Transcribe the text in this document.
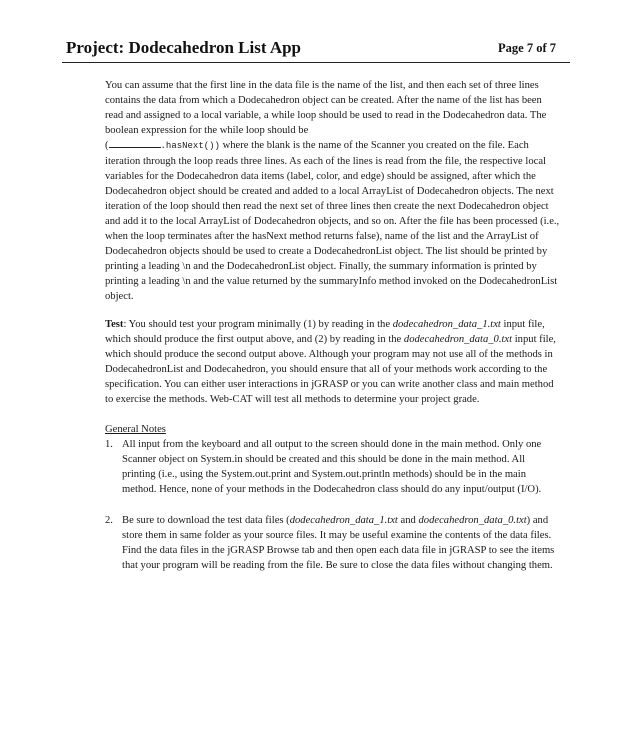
Project: Dodecahedron List App	Page 7 of 7

You can assume that the first line in the data file is the name of the list, and then each set of three lines contains the data from which a Dodecahedron object can be created. After the name of the list has been read and assigned to a local variable, a while loop should be used to read in the Dodecahedron data. The boolean expression for the while loop should be
(	.hasNext()) where the blank is the name of the Scanner you created on the file. Each iteration through the loop reads three lines. As each of the lines is read from the file, the respective local variables for the Dodecahedron data items (label, color, and edge) should be assigned, after which the Dodecahedron object should be created and added to a local ArrayList of Dodecahedron objects. The next iteration of the loop should then read the next set of three lines then create the next Dodecahedron object and add it to the local ArrayList of Dodecahedron objects, and so on. After the file has been processed (i.e., when the loop terminates after the hasNext method returns false), name of the list and the ArrayList of Dodecahedron objects should be used to create a DodecahedronList object. The list should be printed by printing a leading \n and the DodecahedronList object. Finally, the summary information is printed by printing a leading \n and the value returned by the summaryInfo method invoked on the DodecahedronList object.

Test: You should test your program minimally (1) by reading in the dodecahedron_data_1.txt input file, which should produce the first output above, and (2) by reading in the dodecahedron_data_0.txt input file, which should produce the second output above. Although your program may not use all of the methods in DodecahedronList and Dodecahedron, you should ensure that all of your methods work according to the specification. You can either user interactions in jGRASP or you can write another class and main method to exercise the methods. Web-CAT will test all methods to determine your project grade.

General Notes
1. All input from the keyboard and all output to the screen should done in the main method. Only one Scanner object on System.in should be created and this should be done in the main method. All printing (i.e., using the System.out.print and System.out.println methods) should be in the main method. Hence, none of your methods in the Dodecahedron class should do any input/output (I/O).
2. Be sure to download the test data files (dodecahedron_data_1.txt and dodecahedron_data_0.txt) and store them in same folder as your source files. It may be useful examine the contents of the data files. Find the data files in the jGRASP Browse tab and then open each data file in jGRASP to see the items that your program will be reading from the file. Be sure to close the data files without changing them.
